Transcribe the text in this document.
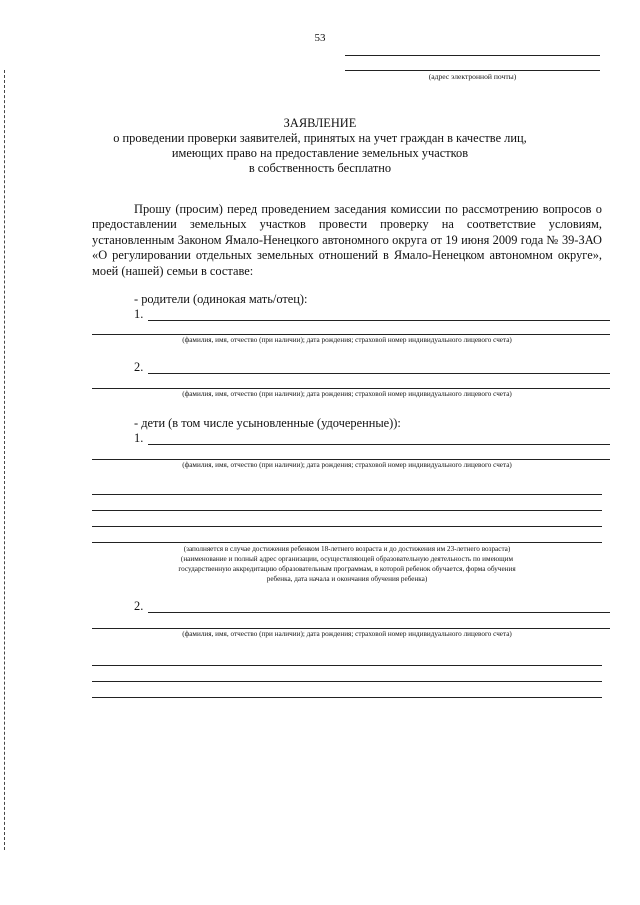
53
(адрес электронной почты)
ЗАЯВЛЕНИЕ
о проведении проверки заявителей, принятых на учет граждан в качестве лиц,
имеющих право на предоставление земельных участков
в собственность бесплатно
Прошу (просим) перед проведением заседания комиссии по рассмотрению вопросов о предоставлении земельных участков провести проверку на соответствие условиям, установленным Законом Ямало-Ненецкого автономного округа от 19 июня 2009 года № 39-ЗАО «О регулировании отдельных земельных отношений в Ямало-Ненецком автономном округе», моей (нашей) семьи в составе:
- родители (одинокая мать/отец):
1.
(фамилия, имя, отчество (при наличии); дата рождения; страховой номер индивидуального лицевого счета)
2.
(фамилия, имя, отчество (при наличии); дата рождения; страховой номер индивидуального лицевого счета)
- дети (в том числе усыновленные (удочеренные)):
1.
(фамилия, имя, отчество (при наличии); дата рождения; страховой номер индивидуального лицевого счета)
(заполняется в случае достижения ребенком 18-летнего возраста и до достижения им 23-летнего возраста)
(наименование и полный адрес организации, осуществляющей образовательную деятельность по имеющим
государственную аккредитацию образовательным программам, в которой ребенок обучается, форма обучения
ребенка, дата начала и окончания обучения ребенка)
2.
(фамилия, имя, отчество (при наличии); дата рождения; страховой номер индивидуального лицевого счета)
